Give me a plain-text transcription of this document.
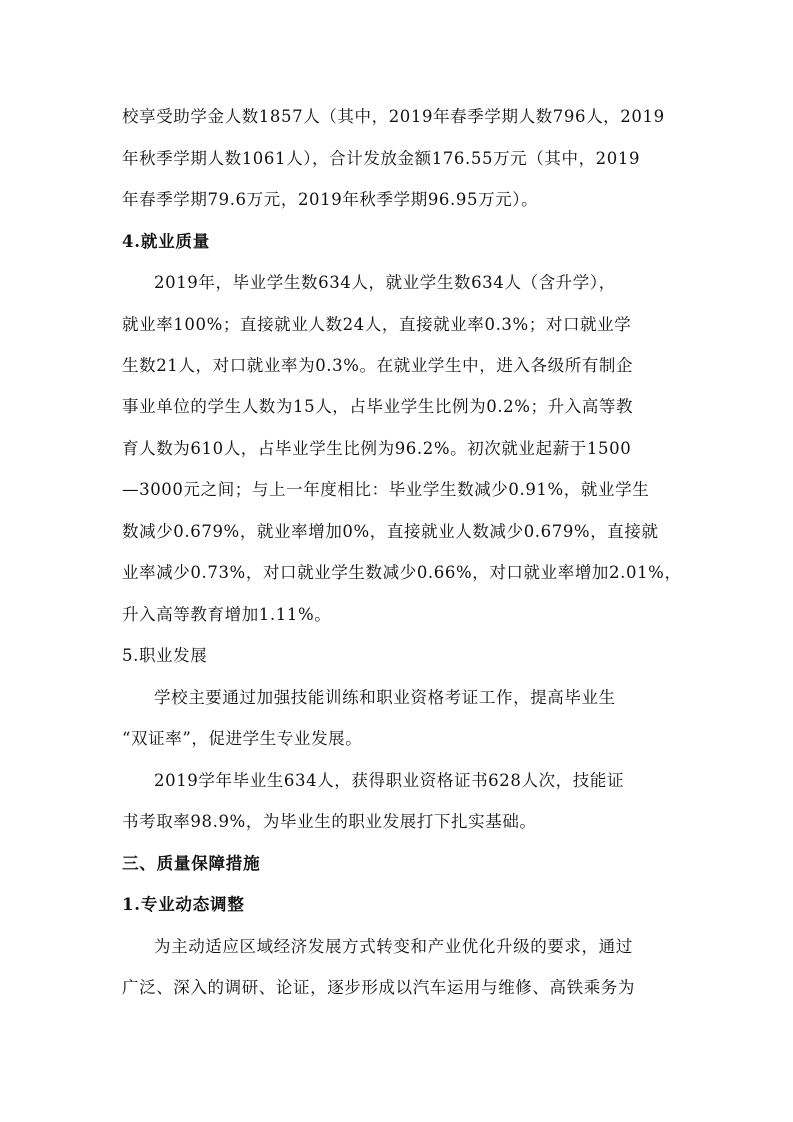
校享受助学金人数1857人（其中，2019年春季学期人数796人，2019
年秋季学期人数1061人），合计发放金额176.55万元（其中，2019
年春季学期79.6万元，2019年秋季学期96.95万元）。
4.就业质量
2019年，毕业学生数634人，就业学生数634人（含升学），
就业率100%；直接就业人数24人，直接就业率0.3%；对口就业学
生数21人，对口就业率为0.3%。在就业学生中，进入各级所有制企
事业单位的学生人数为15人，占毕业学生比例为0.2%；升入高等教
育人数为610人，占毕业学生比例为96.2%。初次就业起薪于1500
—3000元之间；与上一年度相比：毕业学生数减少0.91%，就业学生
数减少0.679%，就业率增加0%，直接就业人数减少0.679%，直接就
业率减少0.73%，对口就业学生数减少0.66%，对口就业率增加2.01%，
升入高等教育增加1.11%。
5.职业发展
学校主要通过加强技能训练和职业资格考证工作，提高毕业生
“双证率”，促进学生专业发展。
2019学年毕业生634人，获得职业资格证书628人次，技能证
书考取率98.9%，为毕业生的职业发展打下扎实基础。
三、质量保障措施
1.专业动态调整
为主动适应区域经济发展方式转变和产业优化升级的要求，通过
广泛、深入的调研、论证，逐步形成以汽车运用与维修、高铁乘务为
